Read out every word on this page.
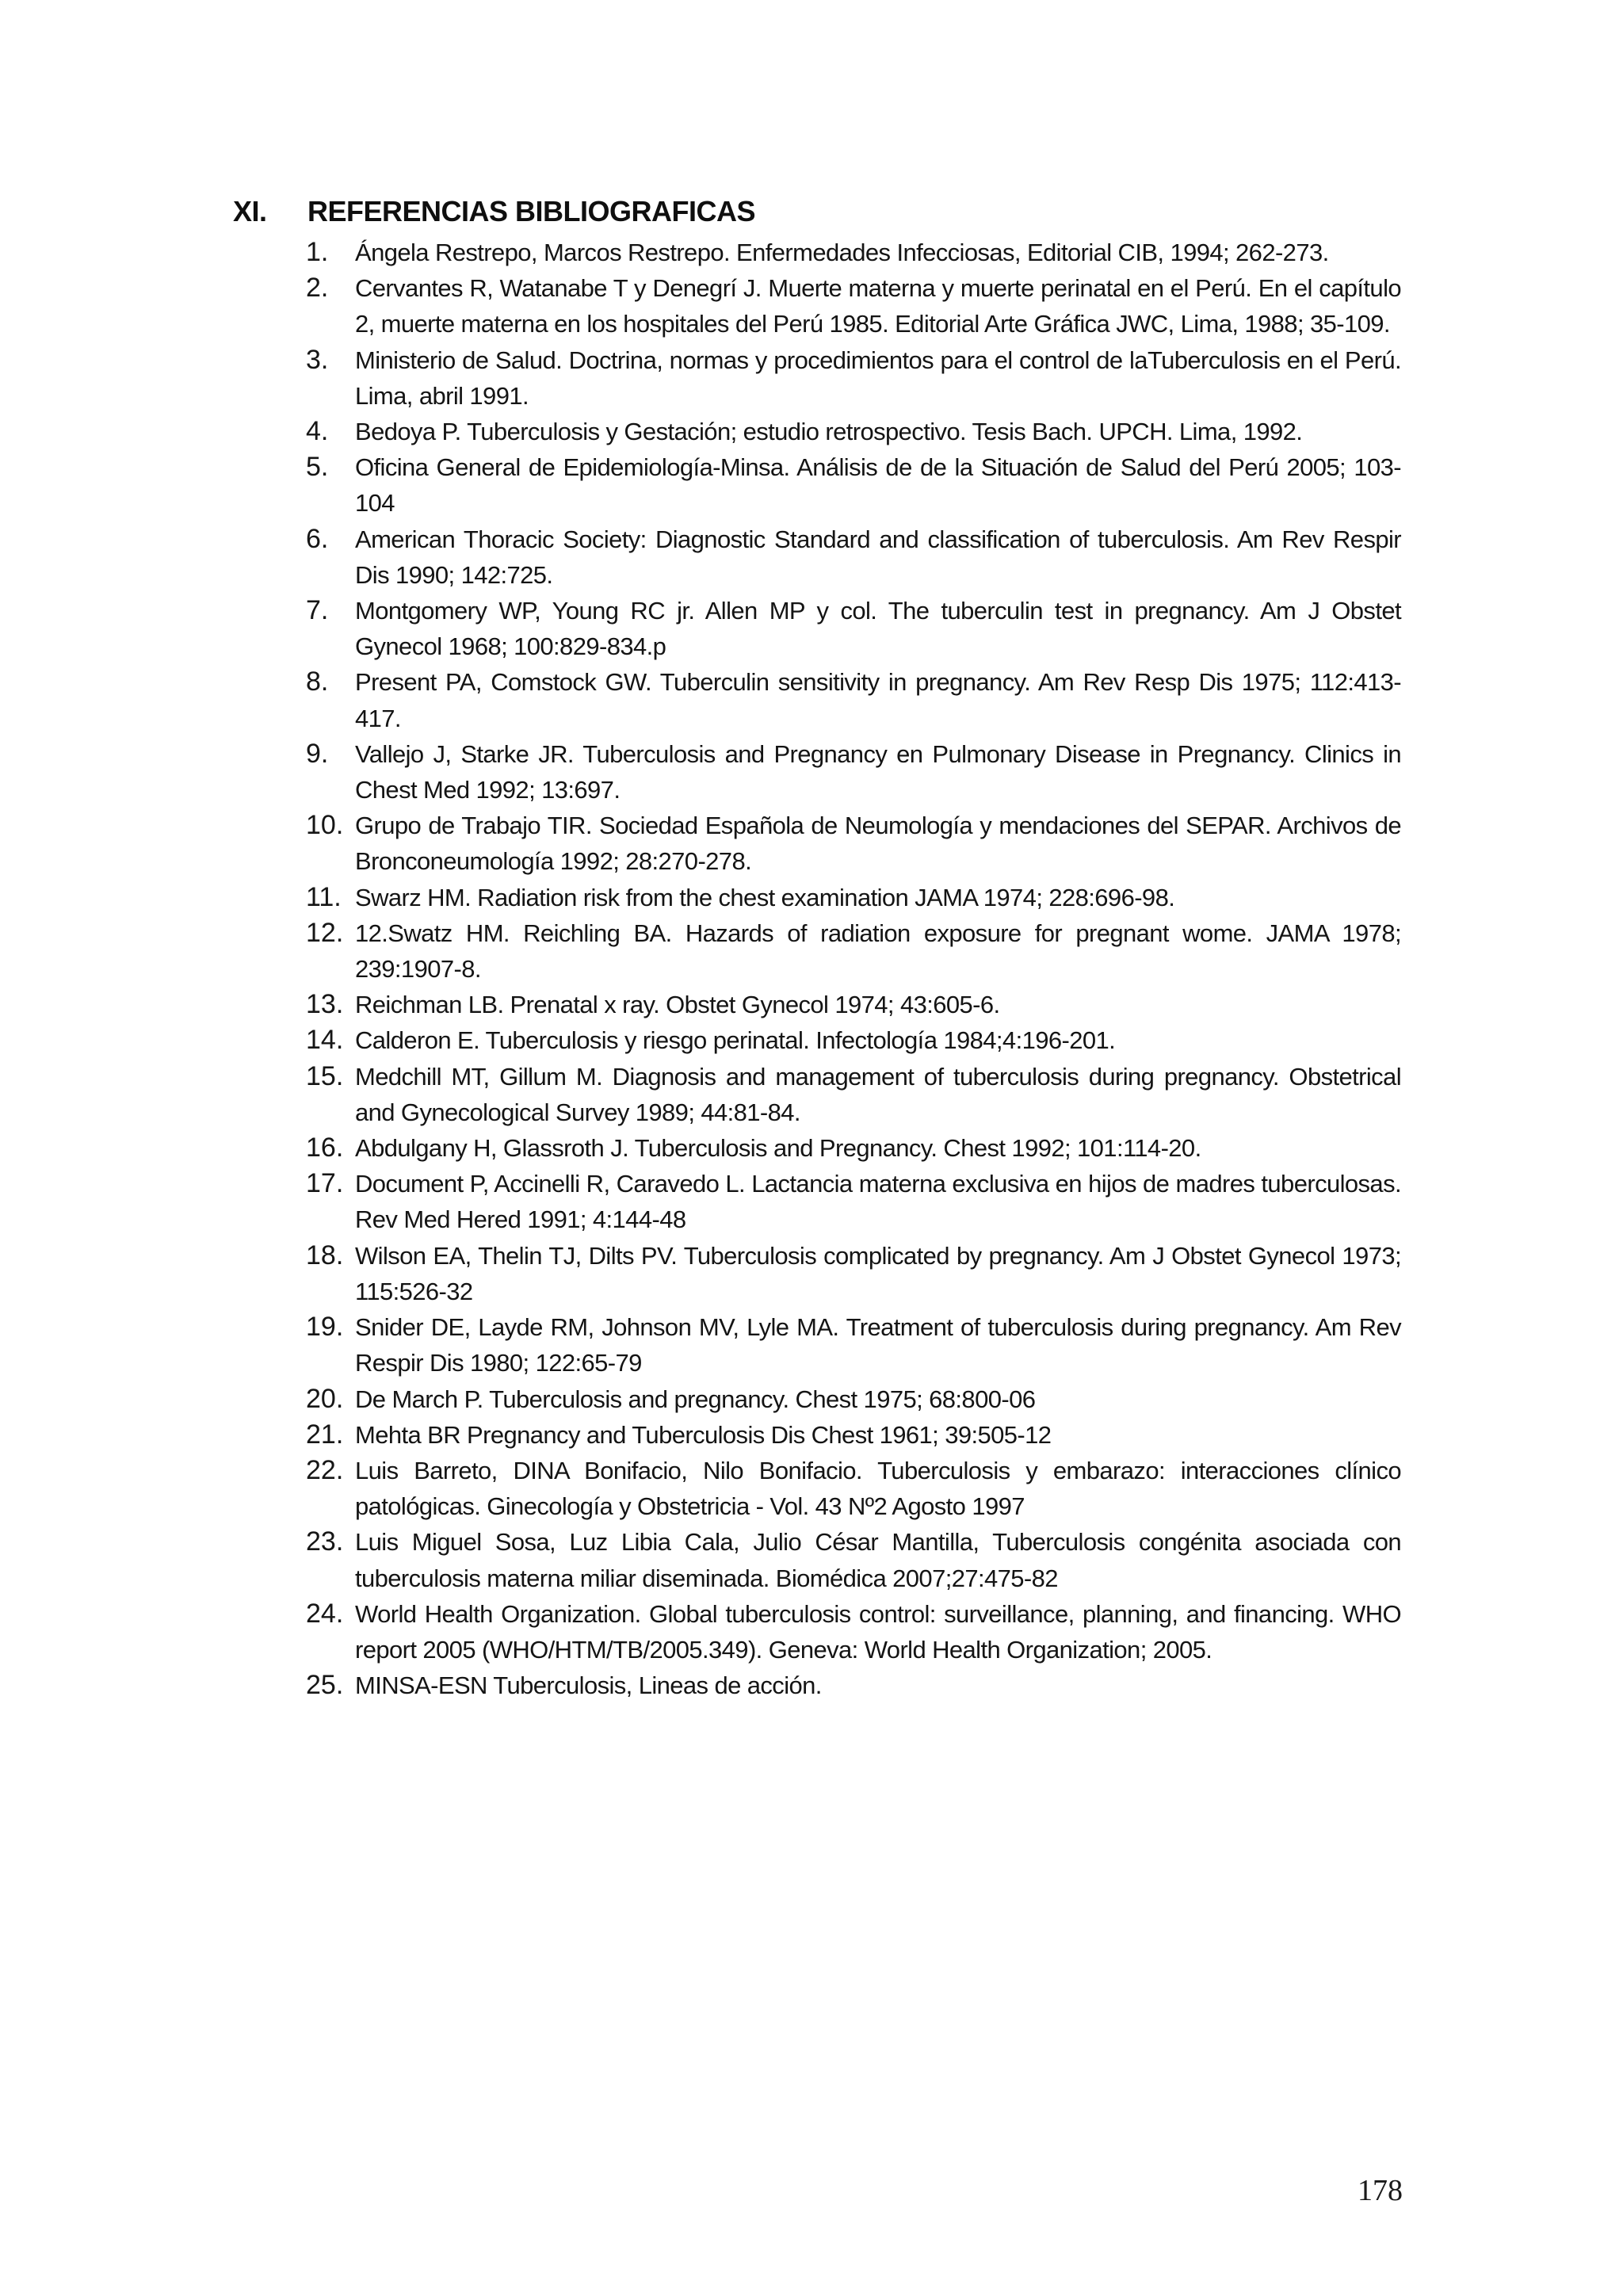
XI. REFERENCIAS BIBLIOGRAFICAS
1.	Ángela Restrepo, Marcos Restrepo. Enfermedades Infecciosas, Editorial CIB, 1994; 262-273.
2.	Cervantes R, Watanabe T y Denegrí J. Muerte materna y muerte perinatal en el Perú. En el capítulo 2, muerte materna en los hospitales del Perú 1985. Editorial Arte Gráfica JWC, Lima, 1988; 35-109.
3.	Ministerio de Salud. Doctrina, normas y procedimientos para el control de laTuberculosis en el Perú. Lima, abril 1991.
4.	Bedoya P. Tuberculosis y Gestación; estudio retrospectivo. Tesis Bach. UPCH. Lima, 1992.
5.	Oficina General de Epidemiología-Minsa. Análisis de de la Situación de Salud del Perú 2005; 103-104
6.	American Thoracic Society: Diagnostic Standard and classification of tuberculosis. Am Rev Respir Dis 1990; 142:725.
7.	Montgomery WP, Young RC jr. Allen MP y col. The tuberculin test in pregnancy. Am J Obstet Gynecol 1968; 100:829-834.p
8.	Present PA, Comstock GW. Tuberculin sensitivity in pregnancy. Am Rev Resp Dis 1975; 112:413-417.
9.	Vallejo J, Starke JR. Tuberculosis and Pregnancy en Pulmonary Disease in Pregnancy. Clinics in Chest Med 1992; 13:697.
10. Grupo de Trabajo TIR. Sociedad Española de Neumología y mendaciones del SEPAR. Archivos de Bronconeumología 1992; 28:270-278.
11. Swarz HM. Radiation risk from the chest examination JAMA 1974; 228:696-98.
12. 12.Swatz HM. Reichling BA. Hazards of radiation exposure for pregnant wome. JAMA 1978; 239:1907-8.
13. Reichman LB. Prenatal x ray. Obstet Gynecol 1974; 43:605-6.
14. Calderon E. Tuberculosis y riesgo perinatal. Infectología 1984;4:196-201.
15. Medchill MT, Gillum M. Diagnosis and management of tuberculosis during pregnancy. Obstetrical and Gynecological Survey 1989; 44:81-84.
16. Abdulgany H, Glassroth J. Tuberculosis and Pregnancy. Chest 1992; 101:114-20.
17. Document P, Accinelli R, Caravedo L. Lactancia materna exclusiva en hijos de madres tuberculosas. Rev Med Hered 1991; 4:144-48
18. Wilson EA, Thelin TJ, Dilts PV. Tuberculosis complicated by pregnancy. Am J Obstet Gynecol 1973; 115:526-32
19. Snider DE, Layde RM, Johnson MV, Lyle MA. Treatment of tuberculosis during pregnancy. Am Rev Respir Dis 1980; 122:65-79
20. De March P. Tuberculosis and pregnancy. Chest 1975; 68:800-06
21. Mehta BR Pregnancy and Tuberculosis Dis Chest 1961; 39:505-12
22. Luis Barreto, DINA Bonifacio, Nilo Bonifacio. Tuberculosis y embarazo: interacciones clínico patológicas. Ginecología y Obstetricia - Vol. 43 Nº2 Agosto 1997
23. Luis Miguel Sosa, Luz Libia Cala, Julio César Mantilla, Tuberculosis congénita asociada con tuberculosis materna miliar diseminada. Biomédica 2007;27:475-82
24. World Health Organization. Global tuberculosis control: surveillance, planning, and financing. WHO report 2005 (WHO/HTM/TB/2005.349). Geneva: World Health Organization; 2005.
25. MINSA-ESN Tuberculosis, Lineas de acción.
178
